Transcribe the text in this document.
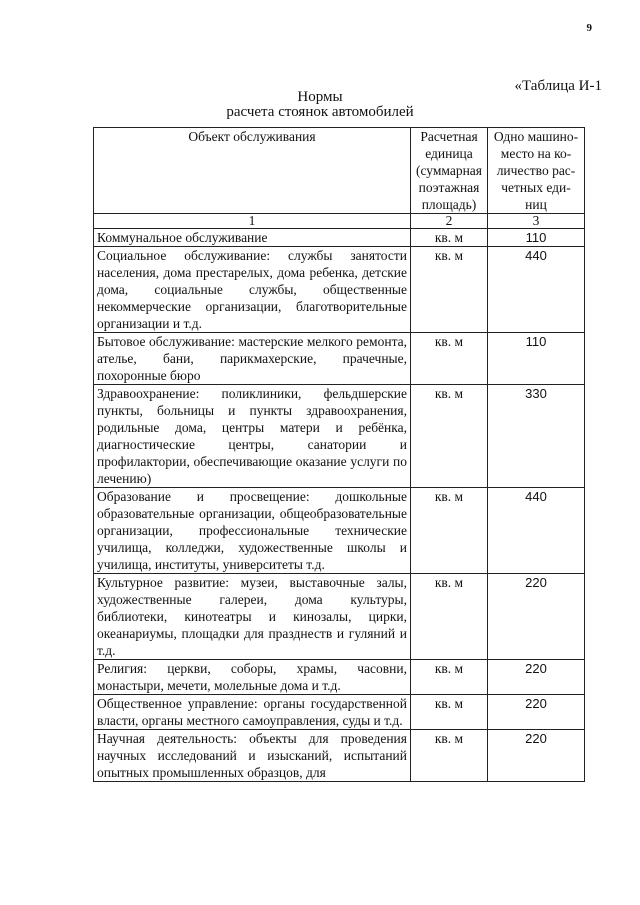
9
«Таблица И-1
Нормы
расчета стоянок автомобилей
Объект обслуживания	Расчетная единица (суммарная поэтажная площадь)	Одно машино-место на ко-личество рас-четных еди-ниц
1	2	3
Коммунальное обслуживание	кв. м	110
Социальное обслуживание: службы занятости населения, дома престарелых, дома ребенка, детские дома, социальные службы, общественные некоммерческие организации, благотворительные организации и т.д.	кв. м	440
Бытовое обслуживание: мастерские мелкого ремонта, ателье, бани, парикмахерские, прачечные, похоронные бюро	кв. м	110
Здравоохранение: поликлиники, фельдшерские пункты, больницы и пункты здравоохранения, родильные дома, центры матери и ребёнка, диагностические центры, санатории и профилактории, обеспечивающие оказание услуги по лечению)	кв. м	330
Образование и просвещение: дошкольные образовательные организации, общеобразовательные организации, профессиональные технические училища, колледжи, художественные школы и училища, институты, университеты т.д.	кв. м	440
Культурное развитие: музеи, выставочные залы, художественные галереи, дома культуры, библиотеки, кинотеатры и кинозалы, цирки, океанариумы, площадки для празднеств и гуляний и т.д.	кв. м	220
Религия: церкви, соборы, храмы, часовни, монастыри, мечети, молельные дома и т.д.	кв. м	220
Общественное управление: органы государственной власти, органы местного самоуправления, суды и т.д.	кв. м	220
Научная деятельность: объекты для проведения научных исследований и изысканий, испытаний опытных промышленных образцов, для	кв. м	220
